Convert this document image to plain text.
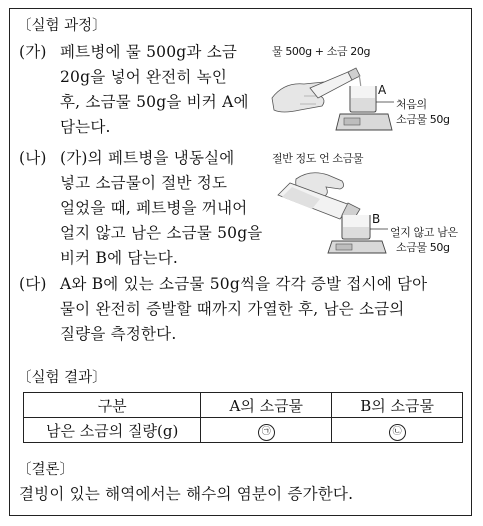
〔실험 과정〕
(가) 페트병에 물 500g과 소금
20g을 넣어 완전히 녹인
후, 소금물 50g을 비커 A에
담는다.
(나) (가)의 페트병을 냉동실에
넣고 소금물이 절반 정도
얼었을 때, 페트병을 꺼내어
얼지 않고 남은 소금물 50g을
비커 B에 담는다.
(다) A와 B에 있는 소금물 50g씩을 각각 증발 접시에 담아
물이 완전히 증발할 때까지 가열한 후, 남은 소금의
질량을 측정한다.
물 500g + 소금 20g
A
처음의
소금물 50g
절반 정도 언 소금물
B
얼지 않고 남은
소금물 50g
〔실험 결과〕
구분	A의 소금물	B의 소금물
남은 소금의 질량(g)	㉠	㉡
〔결론〕
결빙이 있는 해역에서는 해수의 염분이 증가한다.
